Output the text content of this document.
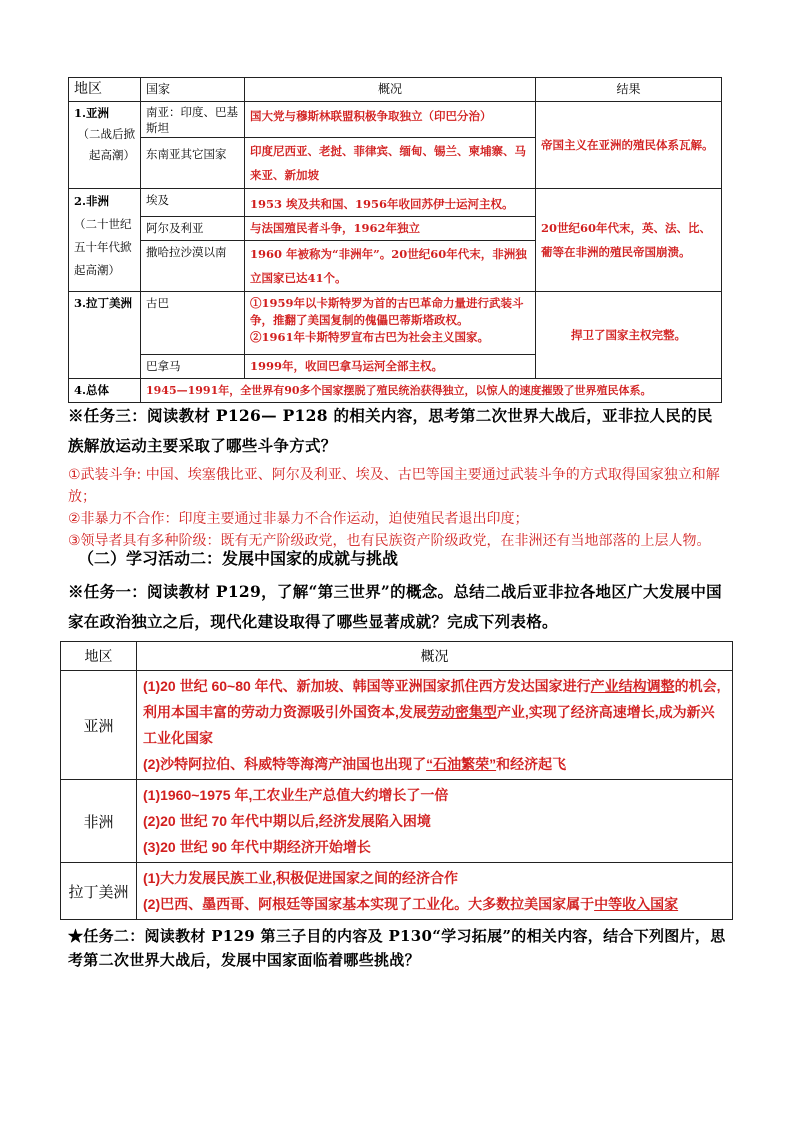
地区	国家	概况	结果

1.亚洲
（二战后掀
起高潮）	南亚：印度、巴基斯坦	国大党与穆斯林联盟积极争取独立（印巴分治）	帝国主义在亚洲的殖民体系瓦解。
	东南亚其它国家	印度尼西亚、老挝、菲律宾、缅甸、锡兰、柬埔寨、马来亚、新加坡	

2.非洲
（二十世纪
五十年代掀
起高潮）	埃及	1953 埃及共和国、1956年收回苏伊士运河主权。	20世纪60年代末，英、法、比、葡等在非洲的殖民帝国崩溃。
	阿尔及利亚	与法国殖民者斗争，1962年独立	
	撒哈拉沙漠以南	1960 年被称为“非洲年”。20世纪60年代末，非洲独立国家已达41个。	
3.拉丁美洲	古巴	①1959年以卡斯特罗为首的古巴革命力量进行武装斗争，推翻了美国复制的傀儡巴蒂斯塔政权。
②1961年卡斯特罗宣布古巴为社会主义国家。	捍卫了国家主权完整。
	巴拿马	1999年，收回巴拿马运河全部主权。	
4.总体	1945—1991年，全世界有90多个国家摆脱了殖民统治获得独立，以惊人的速度摧毁了世界殖民体系。		
※任务三：阅读教材 P126— P128 的相关内容，思考第二次世界大战后，亚非拉人民的民族解放运动主要采取了哪些斗争方式？
①武装斗争: 中国、埃塞俄比亚、阿尔及利亚、埃及、古巴等国主要通过武装斗争的方式取得国家独立和解放；
②非暴力不合作：印度主要通过非暴力不合作运动，迫使殖民者退出印度；
③领导者具有多种阶级：既有无产阶级政党，也有民族资产阶级政党，在非洲还有当地部落的上层人物。
（二）学习活动二：发展中国家的成就与挑战
※任务一：阅读教材 P129，了解“第三世界”的概念。总结二战后亚非拉各地区广大发展中国家在政治独立之后，现代化建设取得了哪些显著成就？完成下列表格。
地区	概况
亚洲	(1)20 世纪 60~80 年代、新加坡、韩国等亚洲国家抓住西方发达国家进行产业结构调整的机会,利用本国丰富的劳动力资源吸引外国资本,发展劳动密集型产业,实现了经济高速增长,成为新兴工业化国家
(2)沙特阿拉伯、科威特等海湾产油国也出现了“石油繁荣”和经济起飞

非洲	(1)1960~1975 年,工农业生产总值大约增长了一倍
(2)20 世纪 70 年代中期以后,经济发展陷入困境
(3)20 世纪 90 年代中期经济开始增长

拉丁美洲	(1)大力发展民族工业,积极促进国家之间的经济合作
(2)巴西、墨西哥、阿根廷等国家基本实现了工业化。大多数拉美国家属于中等收入国家
★任务二：阅读教材 P129 第三子目的内容及 P130“学习拓展”的相关内容，结合下列图片，思考第二次世界大战后，发展中国家面临着哪些挑战？
